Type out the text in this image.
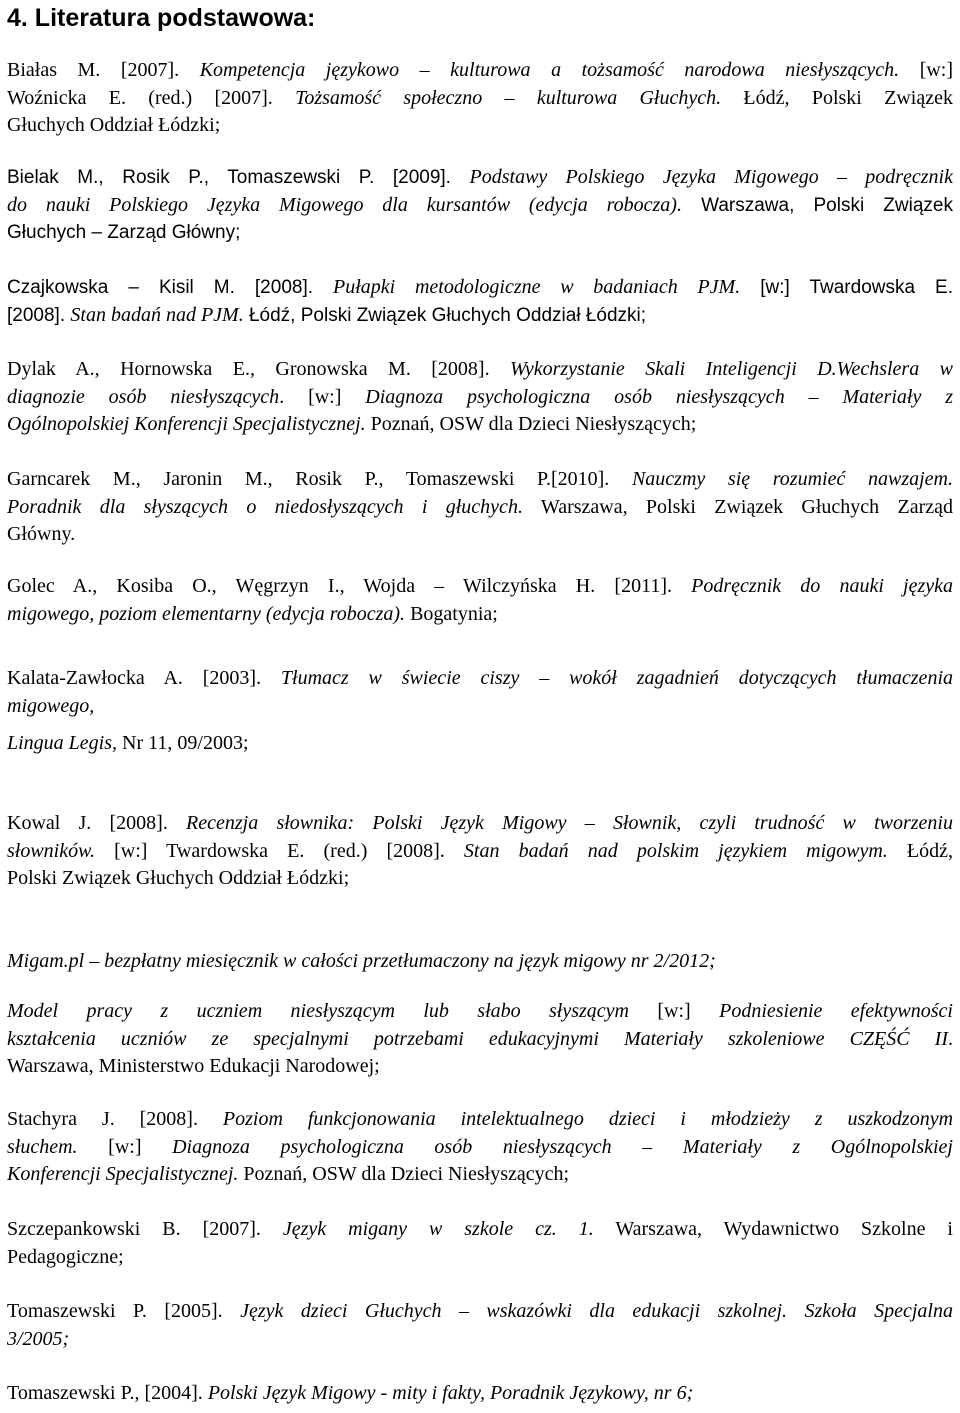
4. Literatura podstawowa:
Białas M. [2007]. Kompetencja językowo – kulturowa a tożsamość narodowa niesłyszących. [w:]
Woźnicka E. (red.) [2007]. Tożsamość społeczno – kulturowa Głuchych. Łódź, Polski Związek
Głuchych Oddział Łódzki;
Bielak M., Rosik P., Tomaszewski P. [2009]. Podstawy Polskiego Języka Migowego – podręcznik
do nauki Polskiego Języka Migowego dla kursantów (edycja robocza). Warszawa, Polski Związek
Głuchych – Zarząd Główny;
Czajkowska – Kisil M. [2008]. Pułapki metodologiczne w badaniach PJM. [w:] Twardowska E.
[2008]. Stan badań nad PJM. Łódź, Polski Związek Głuchych Oddział Łódzki;
Dylak A., Hornowska E., Gronowska M. [2008]. Wykorzystanie Skali Inteligencji D.Wechslera w
diagnozie osób niesłyszących. [w:] Diagnoza psychologiczna osób niesłyszących – Materiały z
Ogólnopolskiej Konferencji Specjalistycznej. Poznań, OSW dla Dzieci Niesłyszących;
Garncarek M., Jaronin M., Rosik P., Tomaszewski P.[2010]. Nauczmy się rozumieć nawzajem.
Poradnik dla słyszących o niedosłyszących i głuchych. Warszawa, Polski Związek Głuchych Zarząd
Główny.
Golec A., Kosiba O., Węgrzyn I., Wojda – Wilczyńska H. [2011]. Podręcznik do nauki języka
migowego, poziom elementarny (edycja robocza). Bogatynia;
Kalata-Zawłocka A. [2003]. Tłumacz w świecie ciszy – wokół zagadnień dotyczących tłumaczenia
migowego,
Lingua Legis, Nr 11, 09/2003;
Kowal J. [2008]. Recenzja słownika: Polski Język Migowy – Słownik, czyli trudność w tworzeniu
słowników. [w:] Twardowska E. (red.) [2008]. Stan badań nad polskim językiem migowym. Łódź,
Polski Związek Głuchych Oddział Łódzki;
Migam.pl – bezpłatny miesięcznik w całości przetłumaczony na język migowy nr 2/2012;
Model pracy z uczniem niesłyszącym lub słabo słyszącym [w:] Podniesienie efektywności
kształcenia uczniów ze specjalnymi potrzebami edukacyjnymi Materiały szkoleniowe CZĘŚĆ II.
Warszawa, Ministerstwo Edukacji Narodowej;
Stachyra J. [2008]. Poziom funkcjonowania intelektualnego dzieci i młodzieży z uszkodzonym
słuchem. [w:] Diagnoza psychologiczna osób niesłyszących – Materiały z Ogólnopolskiej
Konferencji Specjalistycznej. Poznań, OSW dla Dzieci Niesłyszących;
Szczepankowski B. [2007]. Język migany w szkole cz. 1. Warszawa, Wydawnictwo Szkolne i
Pedagogiczne;
Tomaszewski P. [2005]. Język dzieci Głuchych – wskazówki dla edukacji szkolnej. Szkoła Specjalna
3/2005;
Tomaszewski P., [2004]. Polski Język Migowy - mity i fakty, Poradnik Językowy, nr 6;
